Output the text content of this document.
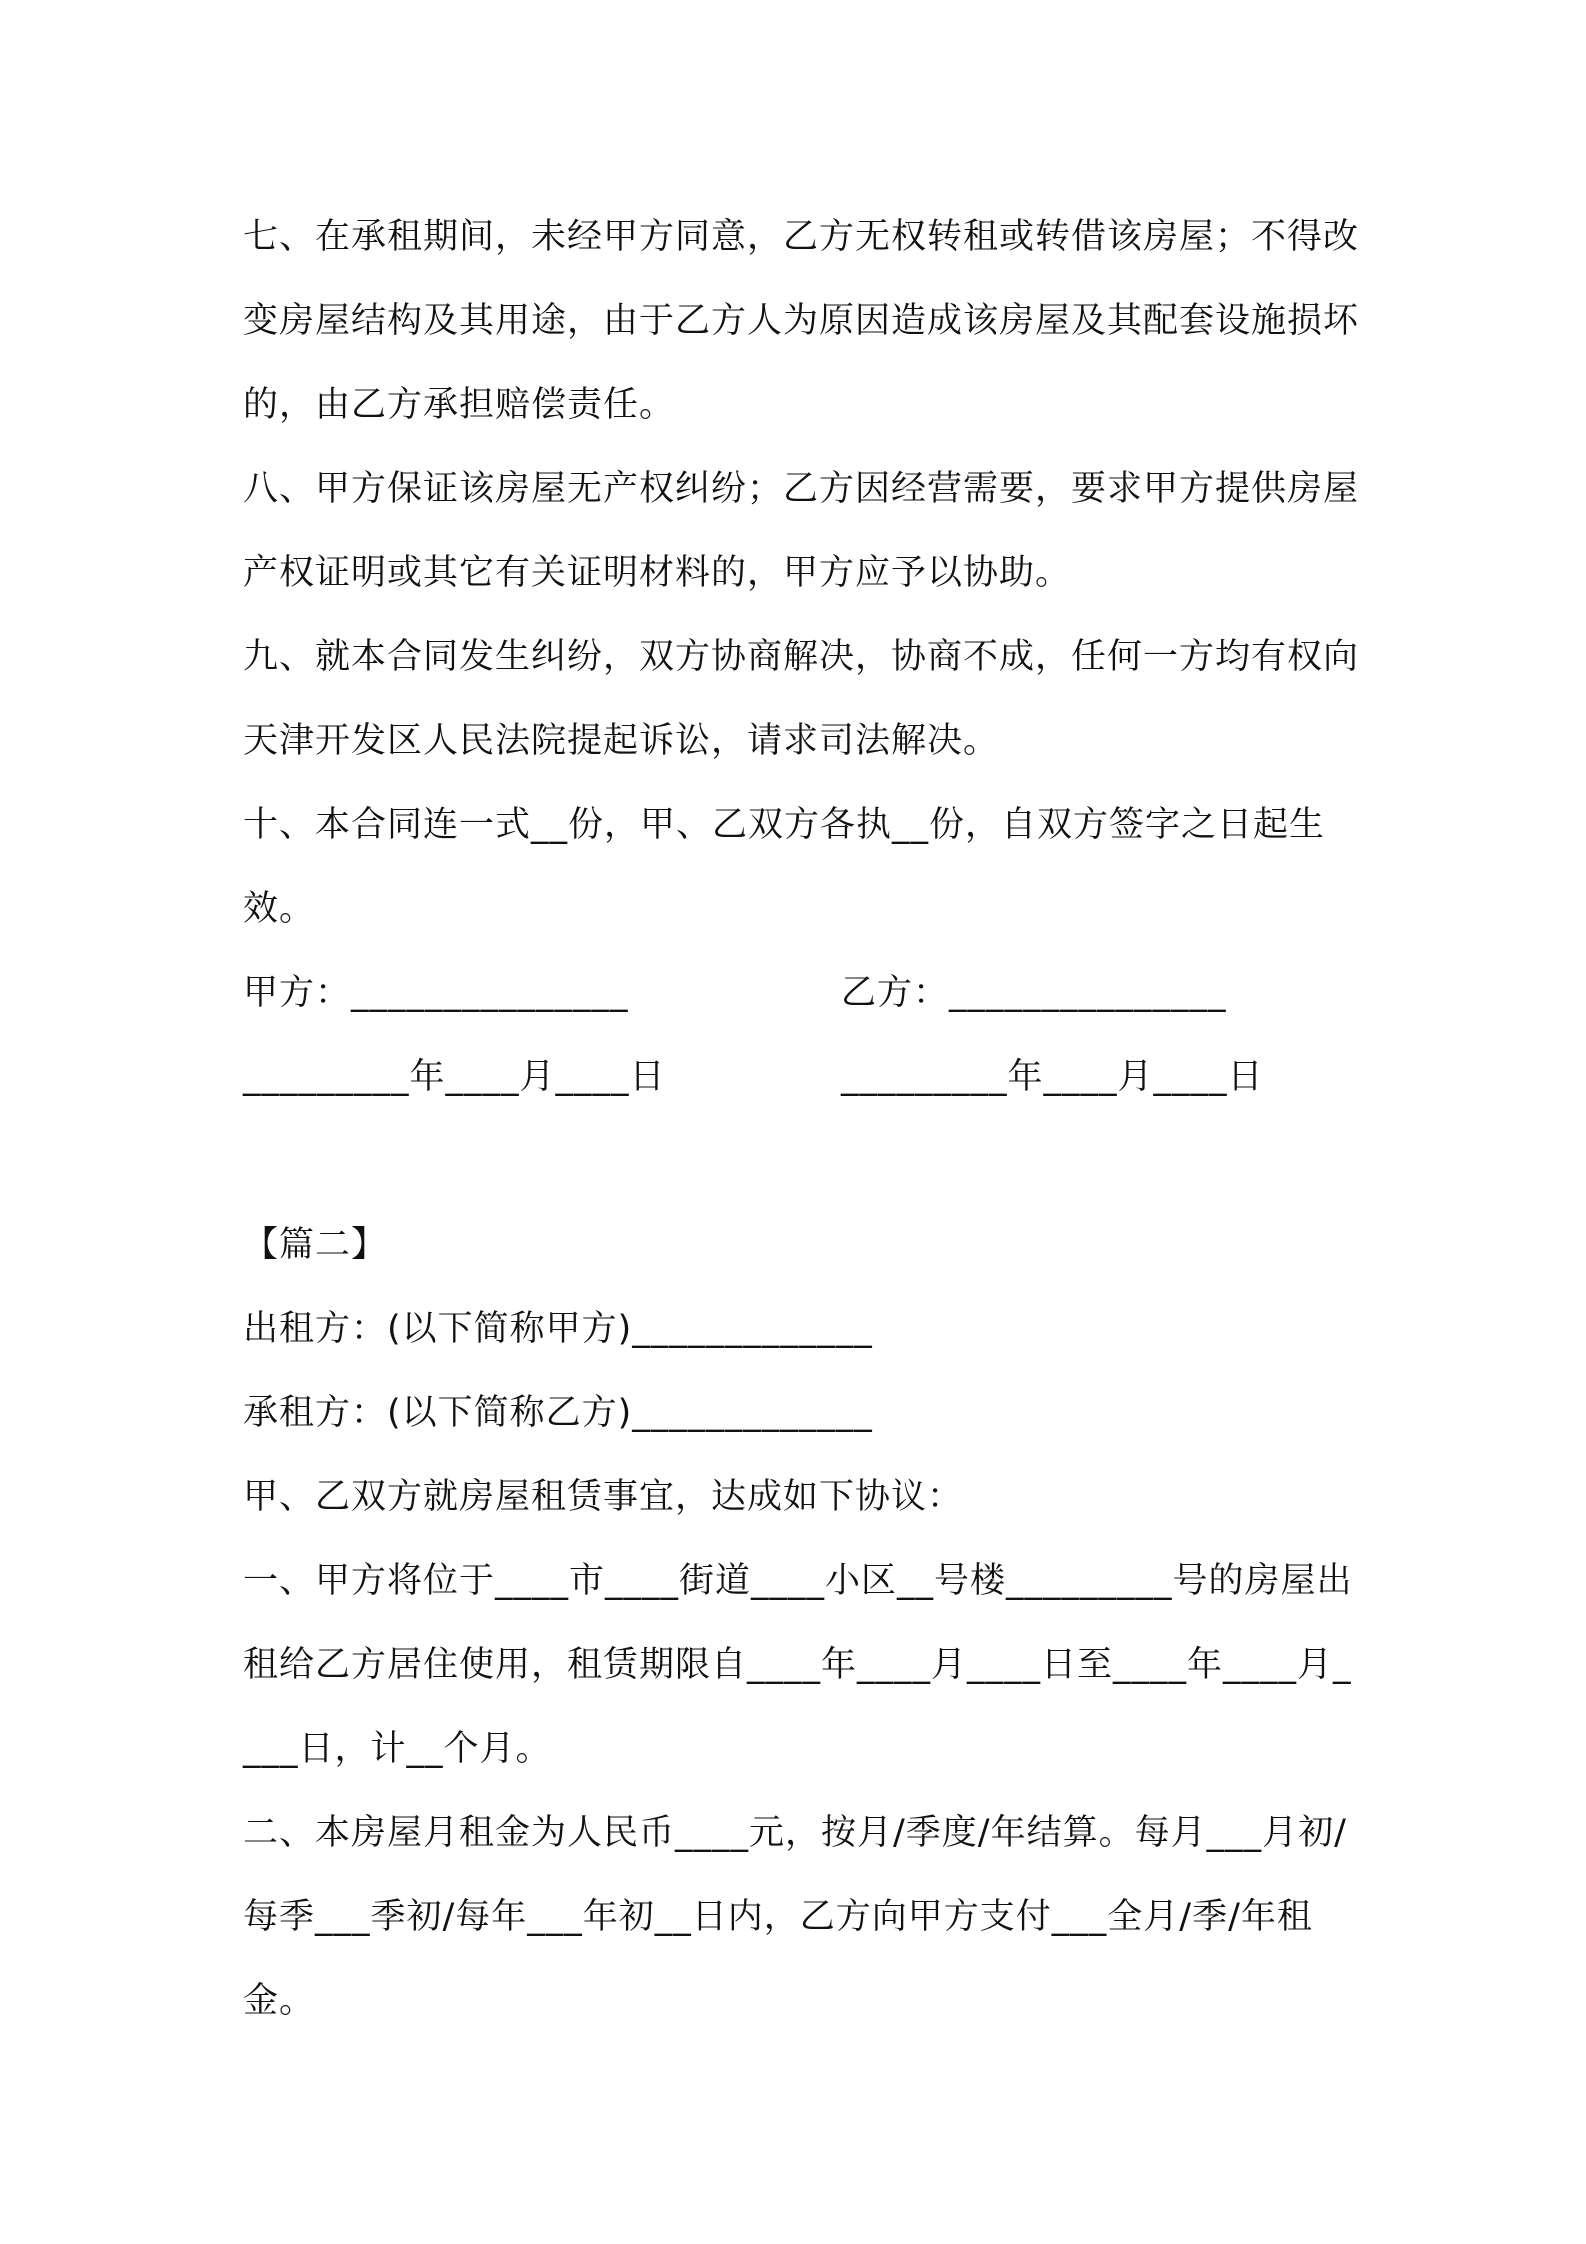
七、在承租期间，未经甲方同意，乙方无权转租或转借该房屋；不得改变房屋结构及其用途，由于乙方人为原因造成该房屋及其配套设施损坏的，由乙方承担赔偿责任。

八、甲方保证该房屋无产权纠纷；乙方因经营需要，要求甲方提供房屋产权证明或其它有关证明材料的，甲方应予以协助。

九、就本合同发生纠纷，双方协商解决，协商不成，任何一方均有权向天津开发区人民法院提起诉讼，请求司法解决。

十、本合同连一式__份，甲、乙双方各执__份，自双方签字之日起生效。

甲方：_______________	乙方：_______________
_________年____月____日	_________年____月____日

【篇二】

出租方：(以下简称甲方)_____________

承租方：(以下简称乙方)_____________

甲、乙双方就房屋租赁事宜，达成如下协议：

一、甲方将位于____市____街道____小区__号楼_________号的房屋出租给乙方居住使用，租赁期限自____年____月____日至____年____月____日，计__个月。

二、本房屋月租金为人民币____元，按月/季度/年结算。每月___月初/每季___季初/每年___年初__日内，乙方向甲方支付___全月/季/年租金。
